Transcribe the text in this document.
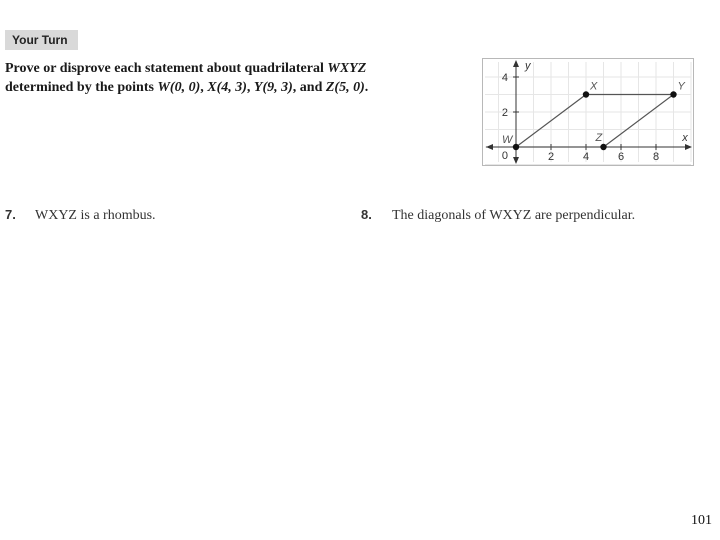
Your Turn
Prove or disprove each statement about quadrilateral WXYZ
determined by the points W(0, 0), X(4, 3), Y(9, 3), and Z(5, 0).
2	4	6	8
2
4
0
x
y
W
X	Y
Z
7. WXYZ is a rhombus.	8. The diagonals of WXYZ are perpendicular.
101
